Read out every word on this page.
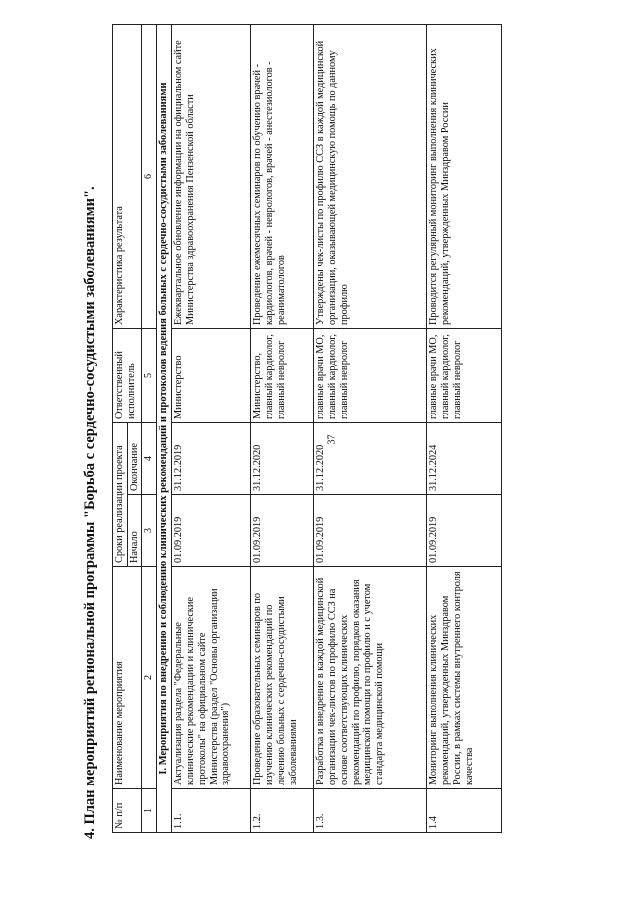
37
4. План мероприятий региональной программы "Борьба с сердечно-сосудистыми заболеваниями". № п/п	Наименование мероприятия	Сроки реализации проекта		Ответственный исполнитель	Характеристика результата
		Начало	Окончание		
1	2	3	4	5	6
I. Мероприятия по внедрению и соблюдению клинических рекомендаций и протоколов ведения больных с сердечно-сосудистыми заболеваниями					
1.1.	Актуализация раздела "Федеральные клинические рекомендации и клинические протоколы" на официальном сайте Министерства (раздел "Основы организации здравоохранения")	01.09.2019	31.12.2019	Министерство	Ежеквартальное обновление информации на официальном сайте Министерства здравоохранения Пензенской области
1.2.	Проведение образовательных семинаров по изучению клинических рекомендаций по лечению больных с сердечно-сосудистыми заболеваниями	01.09.2019	31.12.2020	Министерство, главный кардиолог, главный невролог	Проведение ежемесячных семинаров по обучению врачей - кардиологов, врачей - неврологов, врачей - анестезиологов - реаниматологов
1.3.	Разработка и внедрение в каждой медицинской организации чек-листов по профилю ССЗ на основе соответствующих клинических рекомендаций по профилю, порядков оказания медицинской помощи по профилю и с учетом стандарта медицинской помощи	01.09.2019	31.12.2020	главные врачи МО, главный кардиолог, главный невролог	Утверждены чек-листы по профилю ССЗ в каждой медицинской организации, оказывающей медицинскую помощь по данному профилю
1.4	Мониторинг выполнения клинических рекомендаций, утвержденных Минздравом России, в рамках системы внутреннего контроля качества	01.09.2019	31.12.2024	главные врачи МО, главный кардиолог, главный невролог	Проводится регулярный мониторинг выполнения клинических рекомендаций, утвержденных Минздравом России
